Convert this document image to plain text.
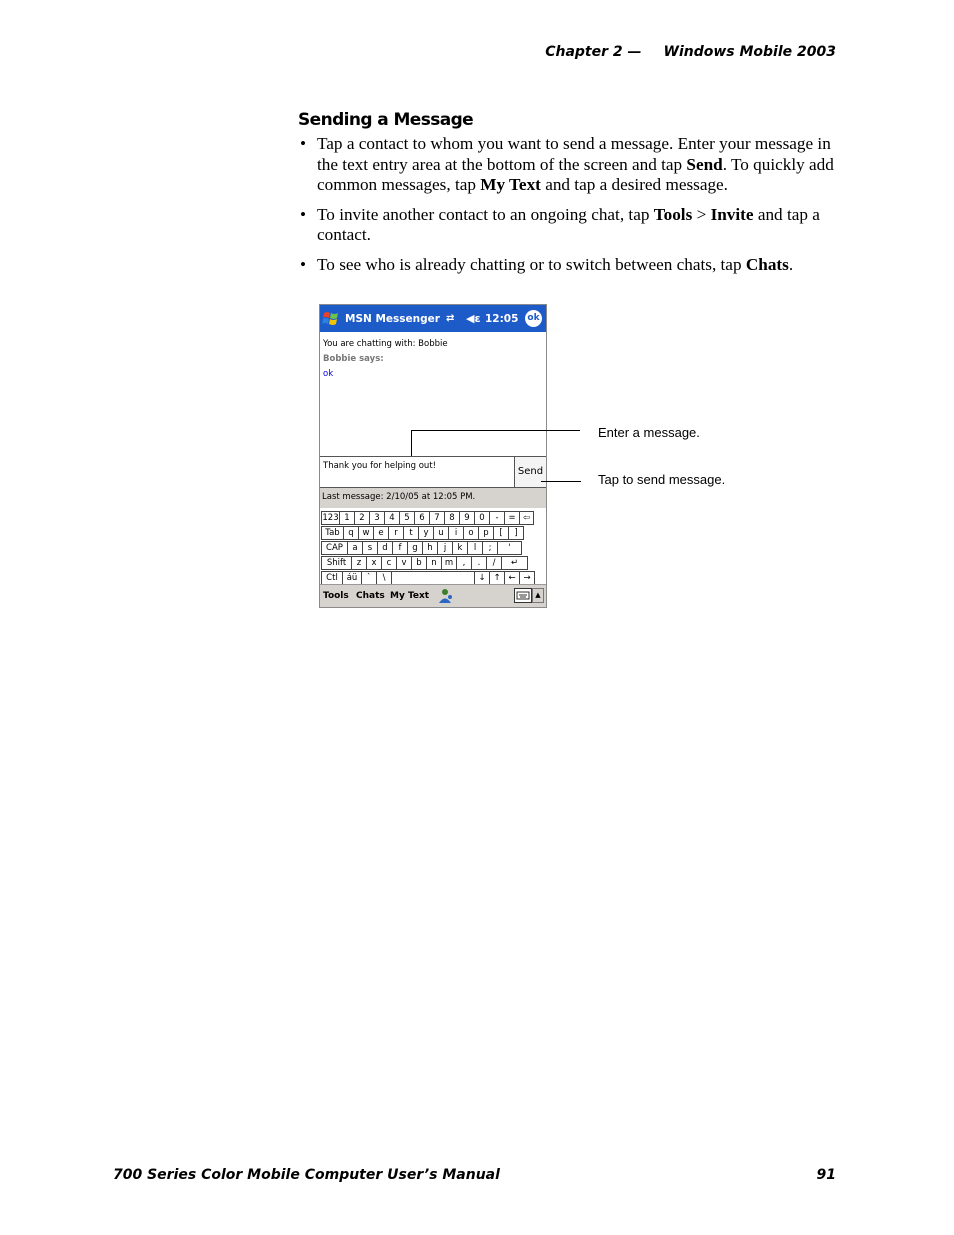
Chapter 2 — Windows Mobile 2003
Sending a Message
• Tap a contact to whom you want to send a message. Enter your message in the text entry area at the bottom of the screen and tap Send. To quickly add common messages, tap My Text and tap a desired message.
• To invite another contact to an ongoing chat, tap Tools > Invite and tap a contact.
• To see who is already chatting or to switch between chats, tap Chats.
MSN Messenger ⇄ ◀ε 12:05 ok
You are chatting with: Bobbie
Bobbie says:
ok
Thank you for helping out!	Send
Last message: 2/10/05 at 12:05 PM.
123 1	2	3	4	5	6	7	8	9	0	-	= ⇦
Tab	q	w	e	r	t	y	u	i	o	p	[	]
CAP	a	s	d	f	g	h	j	k	l	;	'
Shift	z	x	c	v	b	n m	,	.	/	↵
Ctl	áü	`	\	↓ ↑ ← →
Tools Chats My Text	▲
Enter a message.
Tap to send message.
700 Series Color Mobile Computer User’s Manual	91
